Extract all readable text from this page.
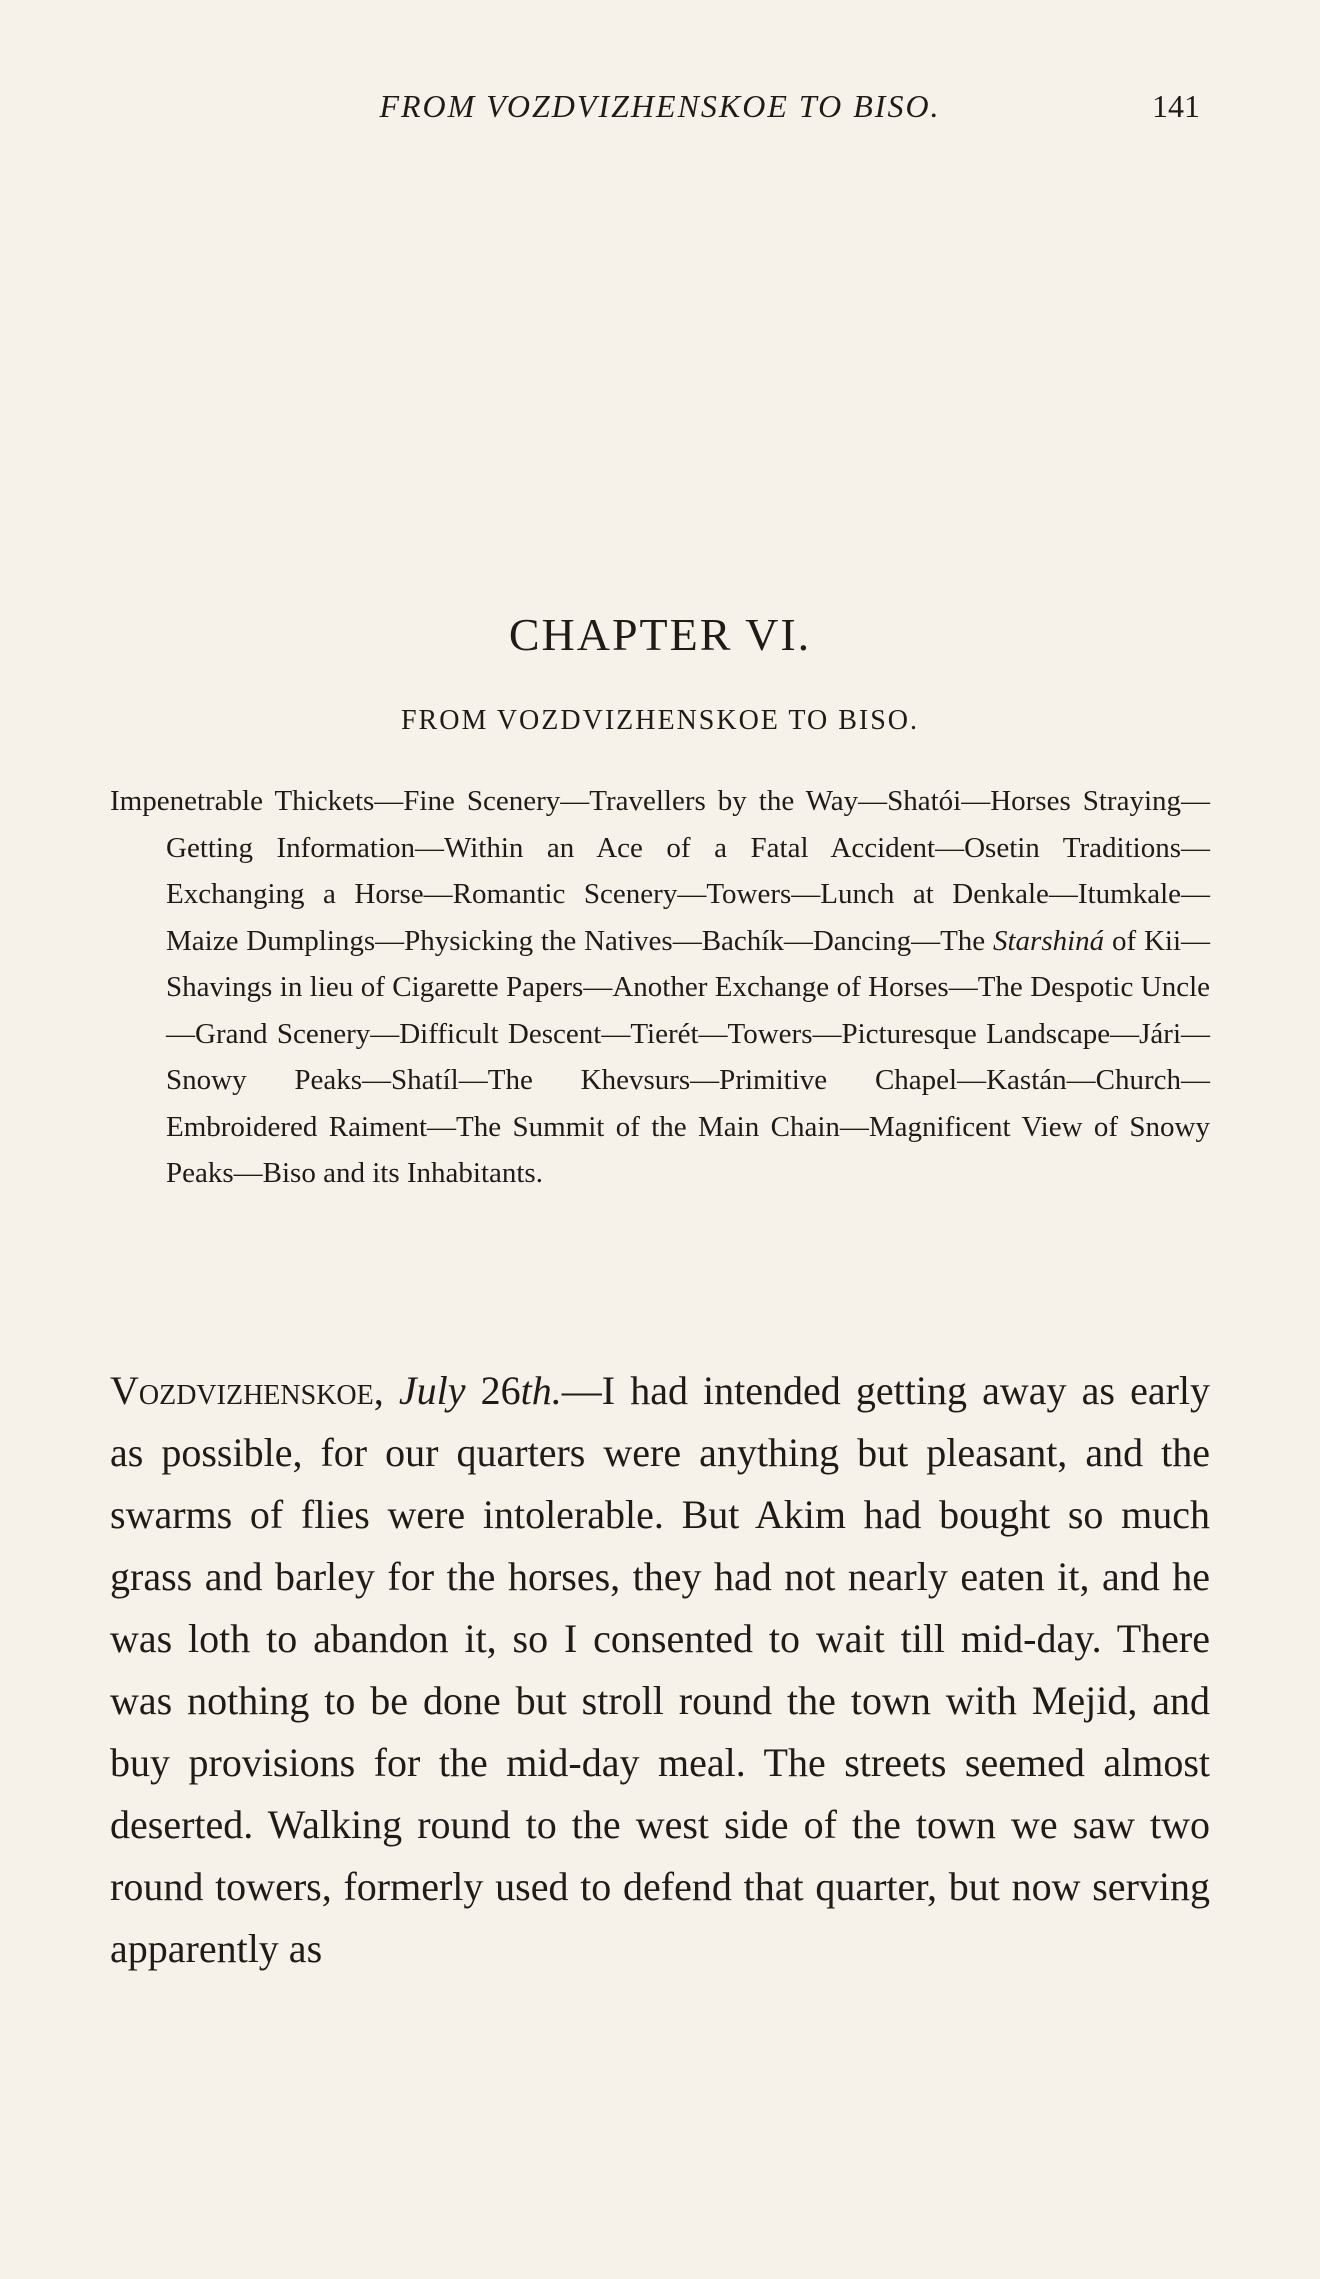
FROM VOZDVIZHENSKOE TO BISO.	141
CHAPTER VI.
FROM VOZDVIZHENSKOE TO BISO.
Impenetrable Thickets—Fine Scenery—Travellers by the Way—Shatói—Horses Straying—Getting Information—Within an Ace of a Fatal Accident—Osetin Traditions—Exchanging a Horse—Romantic Scenery—Towers—Lunch at Denkale—Itumkale—Maize Dumplings—Physicking the Natives—Bachík—Dancing—The Starshiná of Kii—Shavings in lieu of Cigarette Papers—Another Exchange of Horses—The Despotic Uncle—Grand Scenery—Difficult Descent—Tierét—Towers—Picturesque Landscape—Jári—Snowy Peaks—Shatíl—The Khevsurs—Primitive Chapel—Kastán—Church—Embroidered Raiment—The Summit of the Main Chain—Magnificent View of Snowy Peaks—Biso and its Inhabitants.
Vozdvizhenskoe, July 26th.—I had intended getting away as early as possible, for our quarters were anything but pleasant, and the swarms of flies were intolerable. But Akim had bought so much grass and barley for the horses, they had not nearly eaten it, and he was loth to abandon it, so I consented to wait till mid-day. There was nothing to be done but stroll round the town with Mejid, and buy provisions for the mid-day meal. The streets seemed almost deserted. Walking round to the west side of the town we saw two round towers, formerly used to defend that quarter, but now serving apparently as
